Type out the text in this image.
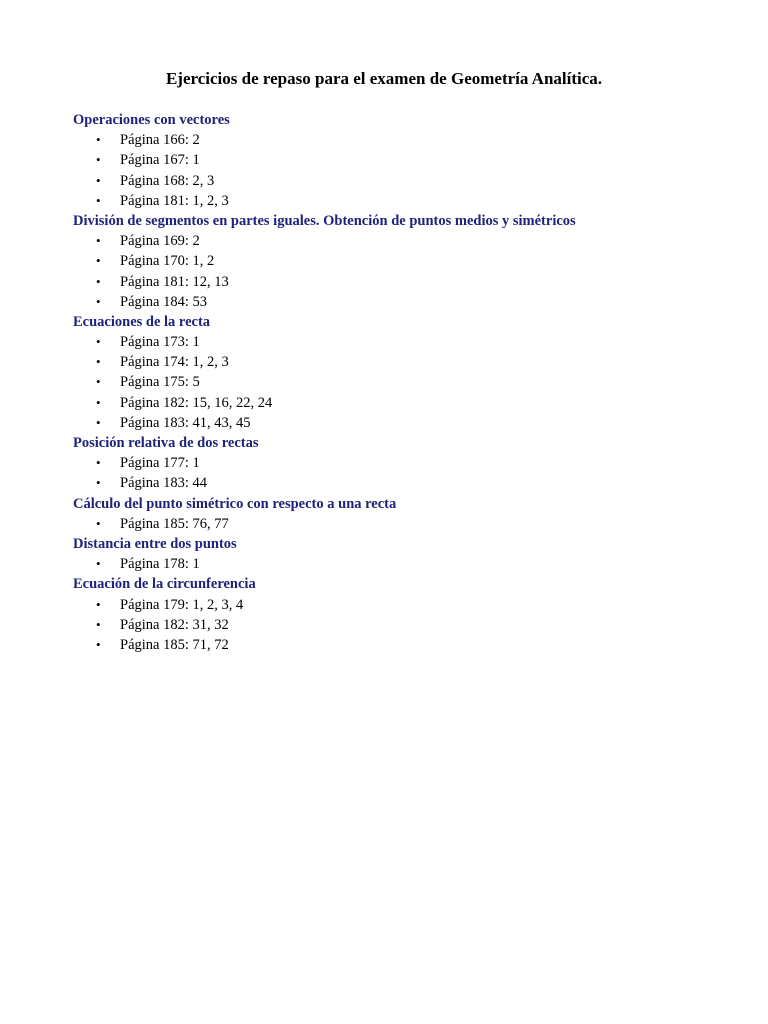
Ejercicios de repaso para el examen de Geometría Analítica.
Operaciones con vectores
• Página 166: 2
• Página 167: 1
• Página 168: 2, 3
• Página 181: 1, 2, 3
División de segmentos en partes iguales. Obtención de puntos medios y simétricos
• Página 169: 2
• Página 170: 1, 2
• Página 181: 12, 13
• Página 184: 53
Ecuaciones de la recta
• Página 173: 1
• Página 174: 1, 2, 3
• Página 175: 5
• Página 182: 15, 16, 22, 24
• Página 183: 41, 43, 45
Posición relativa de dos rectas
• Página 177: 1
• Página 183: 44
Cálculo del punto simétrico con respecto a una recta
• Página 185: 76, 77
Distancia entre dos puntos
• Página 178: 1
Ecuación de la circunferencia
• Página 179: 1, 2, 3, 4
• Página 182: 31, 32
• Página 185: 71, 72
